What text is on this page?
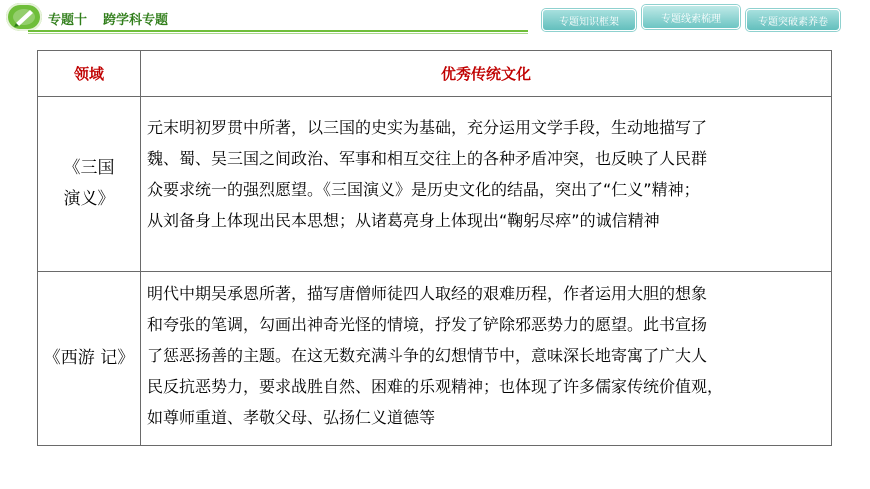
专题十 跨学科专题	专题知识框架	专题线索梳理	专题突破素养卷
领域	优秀传统文化
《三国 演义》	元末明初罗贯中所著，以三国的史实为基础，充分运用文学手段，生动地描写了
魏、蜀、吴三国之间政治、军事和相互交往上的各种矛盾冲突，也反映了人民群
众要求统一的强烈愿望。《三国演义》是历史文化的结晶，突出了“仁义”精神；
从刘备身上体现出民本思想；从诸葛亮身上体现出“鞠躬尽瘁”的诚信精神

《西游 记》	明代中期吴承恩所著，描写唐僧师徒四人取经的艰难历程，作者运用大胆的想象
和夸张的笔调，勾画出神奇光怪的情境，抒发了铲除邪恶势力的愿望。此书宣扬
了惩恶扬善的主题。在这无数充满斗争的幻想情节中，意味深长地寄寓了广大人
民反抗恶势力，要求战胜自然、困难的乐观精神；也体现了许多儒家传统价值观，
如尊师重道、孝敬父母、弘扬仁义道德等
